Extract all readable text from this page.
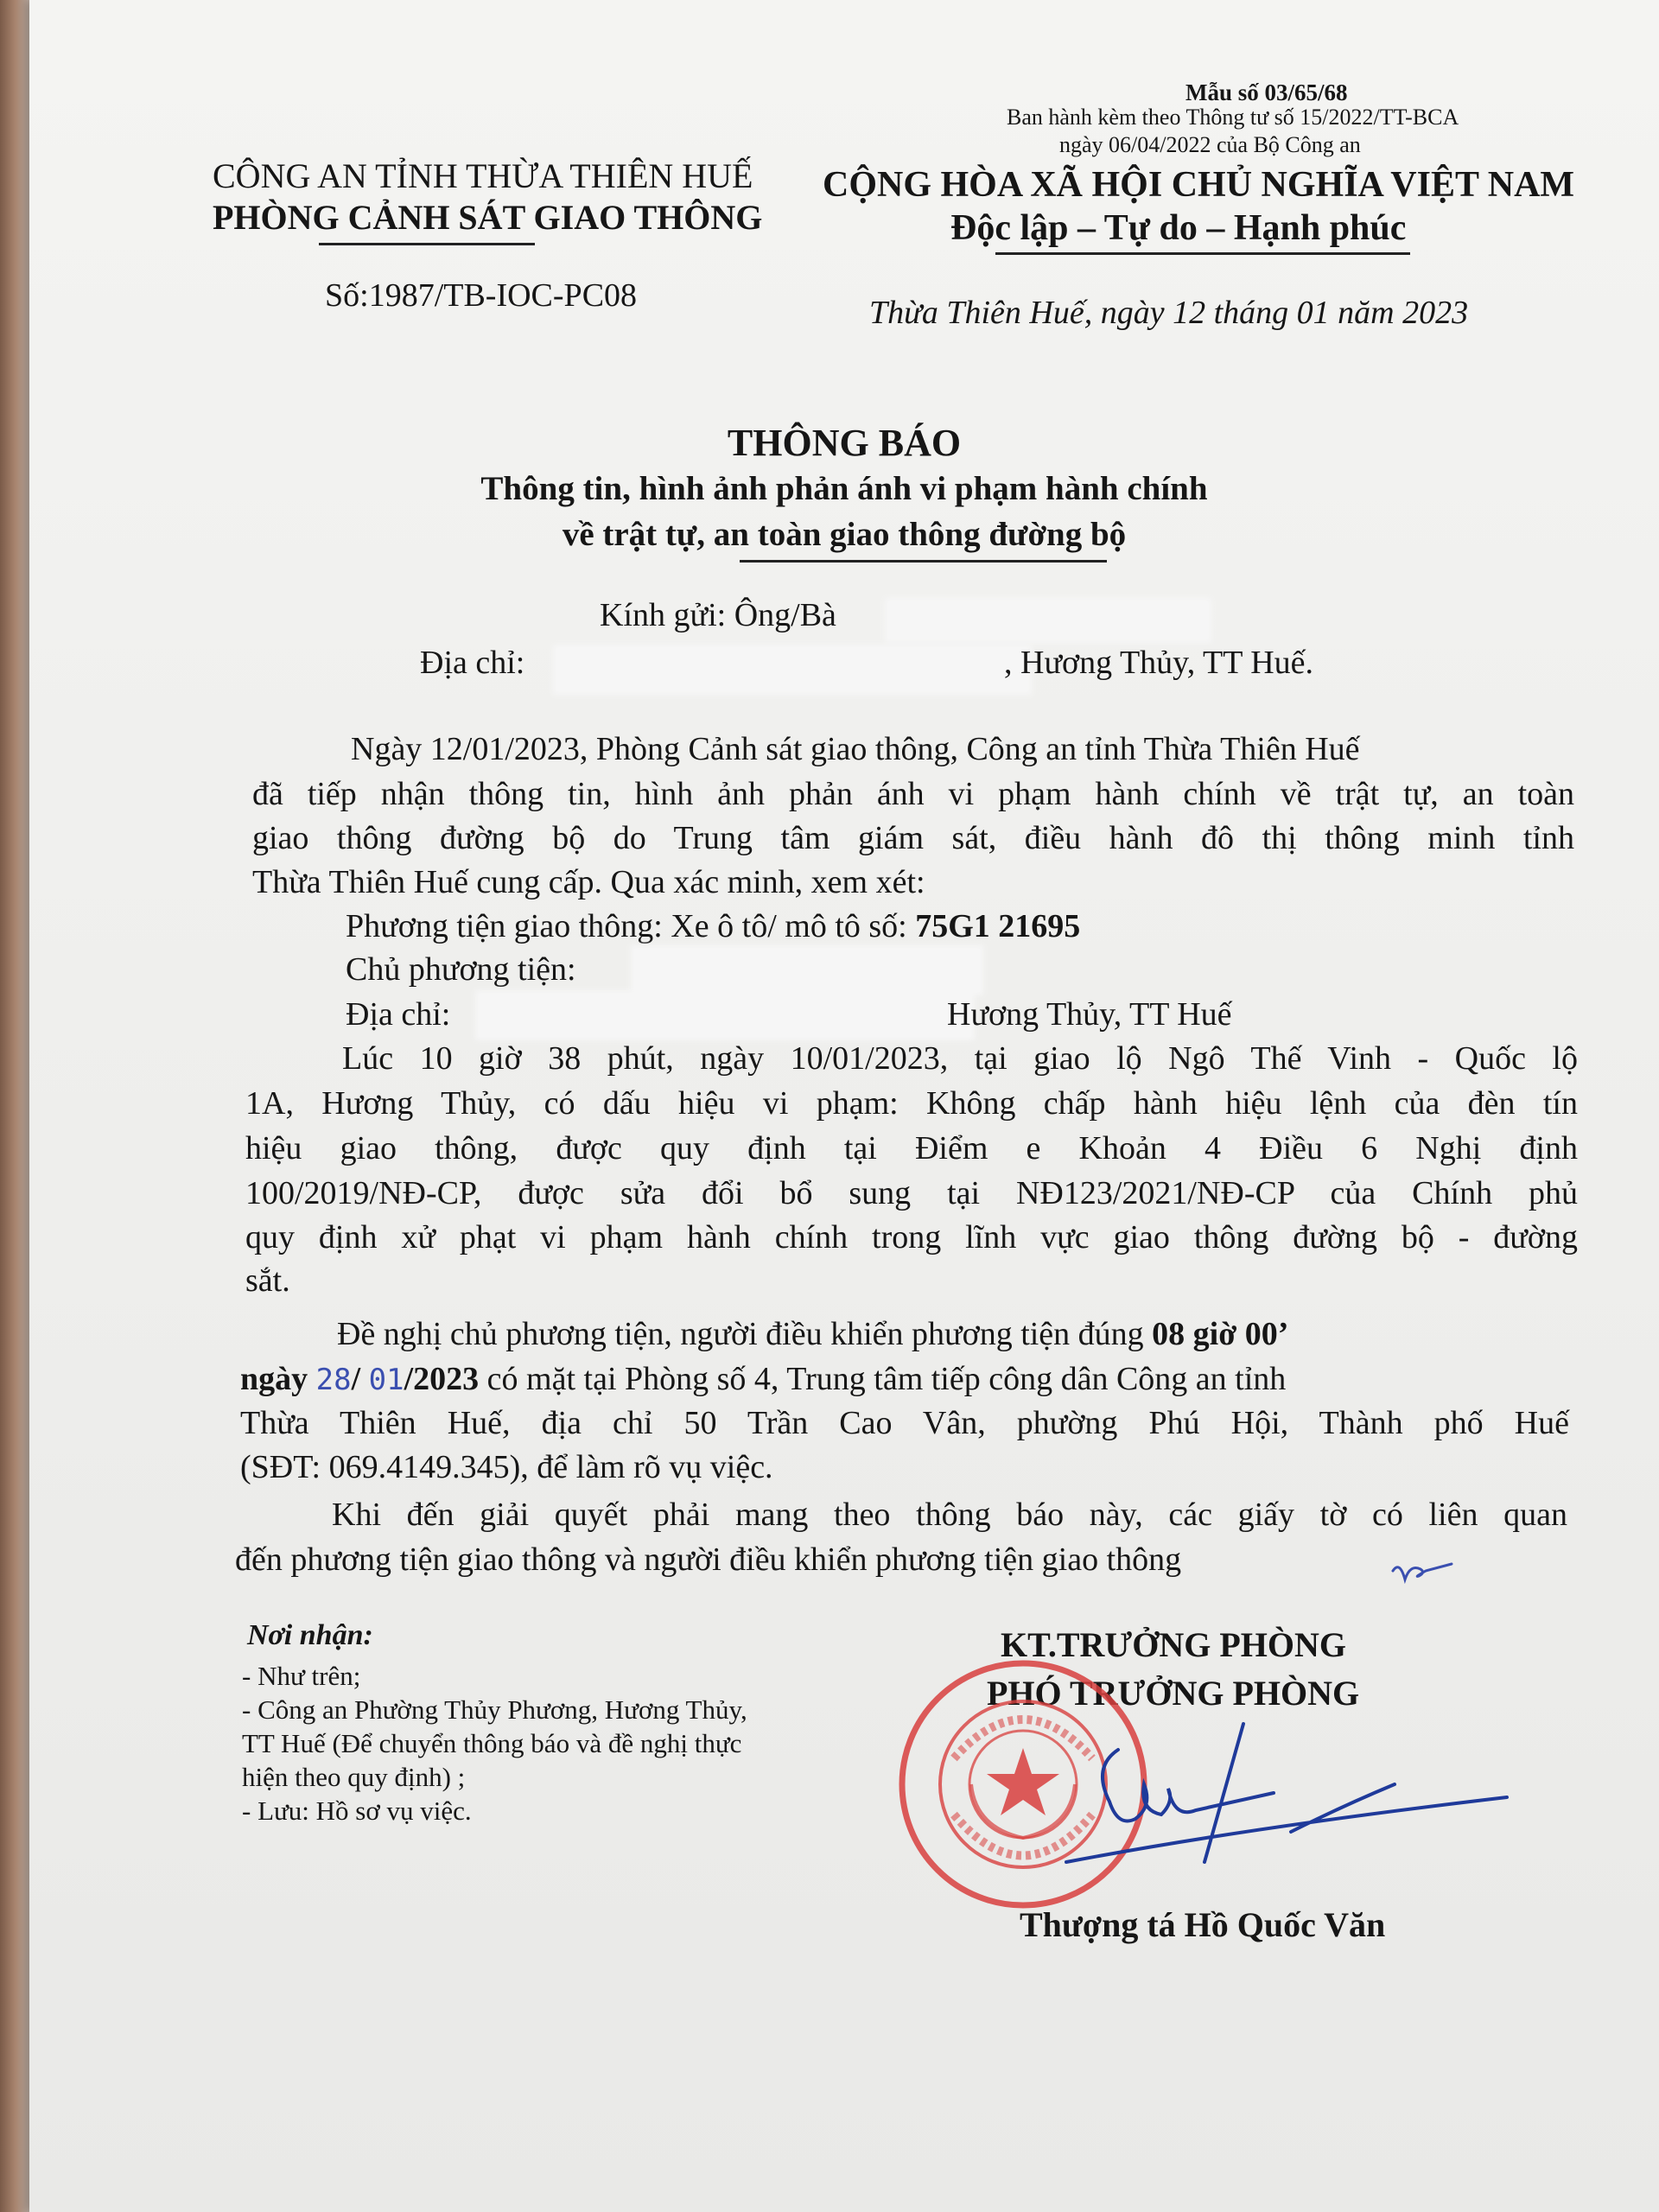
Mẫu số 03/65/68
Ban hành kèm theo Thông tư số 15/2022/TT-BCA
ngày 06/04/2022 của Bộ Công an
CÔNG AN TỈNH THỪA THIÊN HUẾ
PHÒNG CẢNH SÁT GIAO THÔNG
Số:1987/TB-IOC-PC08
CỘNG HÒA XÃ HỘI CHỦ NGHĨA VIỆT NAM
Độc lập – Tự do – Hạnh phúc
Thừa Thiên Huế, ngày 12 tháng 01 năm 2023
THÔNG BÁO
Thông tin, hình ảnh phản ánh vi phạm hành chính
về trật tự, an toàn giao thông đường bộ
Kính gửi: Ông/Bà
Địa chỉ:	, Hương Thủy, TT Huế.
Ngày 12/01/2023, Phòng Cảnh sát giao thông, Công an tỉnh Thừa Thiên Huế
đã tiếp nhận thông tin, hình ảnh phản ánh vi phạm hành chính về trật tự, an toàn
giao thông đường bộ do Trung tâm giám sát, điều hành đô thị thông minh tỉnh
Thừa Thiên Huế cung cấp. Qua xác minh, xem xét:
Phương tiện giao thông: Xe ô tô/ mô tô số: 75G1 21695
Chủ phương tiện:
Địa chỉ:	Hương Thủy, TT Huế
Lúc 10 giờ 38 phút, ngày 10/01/2023, tại giao lộ Ngô Thế Vinh - Quốc lộ
1A, Hương Thủy, có dấu hiệu vi phạm: Không chấp hành hiệu lệnh của đèn tín
hiệu giao thông, được quy định tại Điểm e Khoản 4 Điều 6 Nghị định
100/2019/NĐ-CP, được sửa đổi bổ sung tại NĐ123/2021/NĐ-CP của Chính phủ
quy định xử phạt vi phạm hành chính trong lĩnh vực giao thông đường bộ - đường
sắt.
Đề nghị chủ phương tiện, người điều khiển phương tiện đúng 08 giờ 00’
ngày 28/ 01/2023 có mặt tại Phòng số 4, Trung tâm tiếp công dân Công an tỉnh
Thừa Thiên Huế, địa chỉ 50 Trần Cao Vân, phường Phú Hội, Thành phố Huế
(SĐT: 069.4149.345), để làm rõ vụ việc.
Khi đến giải quyết phải mang theo thông báo này, các giấy tờ có liên quan
đến phương tiện giao thông và người điều khiển phương tiện giao thông
Nơi nhận:
- Như trên;
- Công an Phường Thủy Phương, Hương Thủy,
TT Huế (Để chuyển thông báo và đề nghị thực
hiện theo quy định) ;
- Lưu: Hồ sơ vụ việc.
KT.TRƯỞNG PHÒNG
PHÓ TRƯỞNG PHÒNG
Thượng tá Hồ Quốc Văn
